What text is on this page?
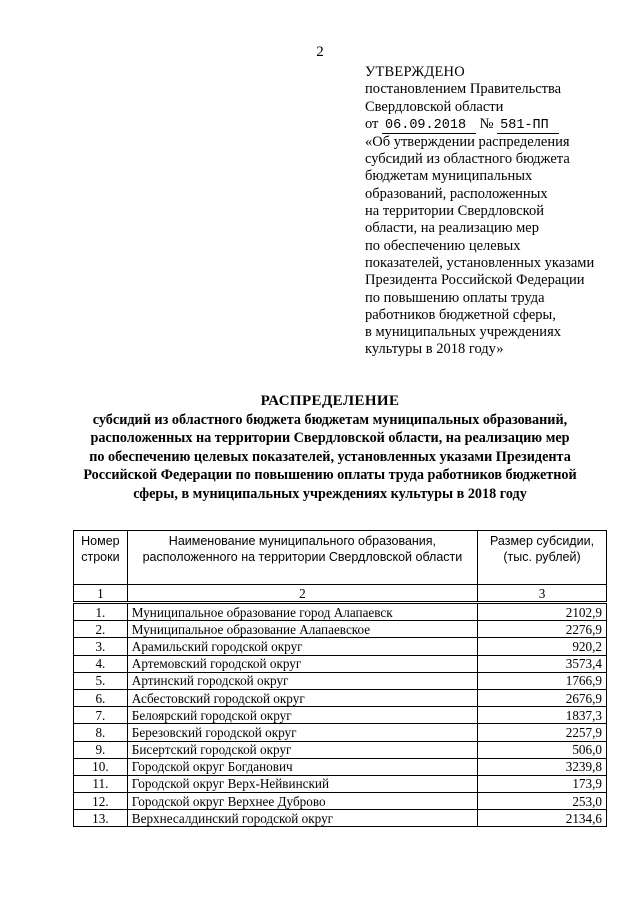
2
УТВЕРЖДЕНО
постановлением Правительства
Свердловской области
от 06.09.2018 № 581-ПП
«Об утверждении распределения
субсидий из областного бюджета
бюджетам муниципальных
образований, расположенных
на территории Свердловской
области, на реализацию мер
по обеспечению целевых
показателей, установленных указами
Президента Российской Федерации
по повышению оплаты труда
работников бюджетной сферы,
в муниципальных учреждениях
культуры в 2018 году»
РАСПРЕДЕЛЕНИЕ
субсидий из областного бюджета бюджетам муниципальных образований,
расположенных на территории Свердловской области, на реализацию мер
по обеспечению целевых показателей, установленных указами Президента
Российской Федерации по повышению оплаты труда работников бюджетной
сферы, в муниципальных учреждениях культуры в 2018 году
Номер строки	Наименование муниципального образования, расположенного на территории Свердловской области	Размер субсидии, (тыс. рублей)
1	2	3
1.	Муниципальное образование город Алапаевск	2102,9
2.	Муниципальное образование Алапаевское	2276,9
3.	Арамильский городской округ	920,2
4.	Артемовский городской округ	3573,4
5.	Артинский городской округ	1766,9
6.	Асбестовский городской округ	2676,9
7.	Белоярский городской округ	1837,3
8.	Березовский городской округ	2257,9
9.	Бисертский городской округ	506,0
10.	Городской округ Богданович	3239,8
11.	Городской округ Верх-Нейвинский	173,9
12.	Городской округ Верхнее Дуброво	253,0
13.	Верхнесалдинский городской округ	2134,6
